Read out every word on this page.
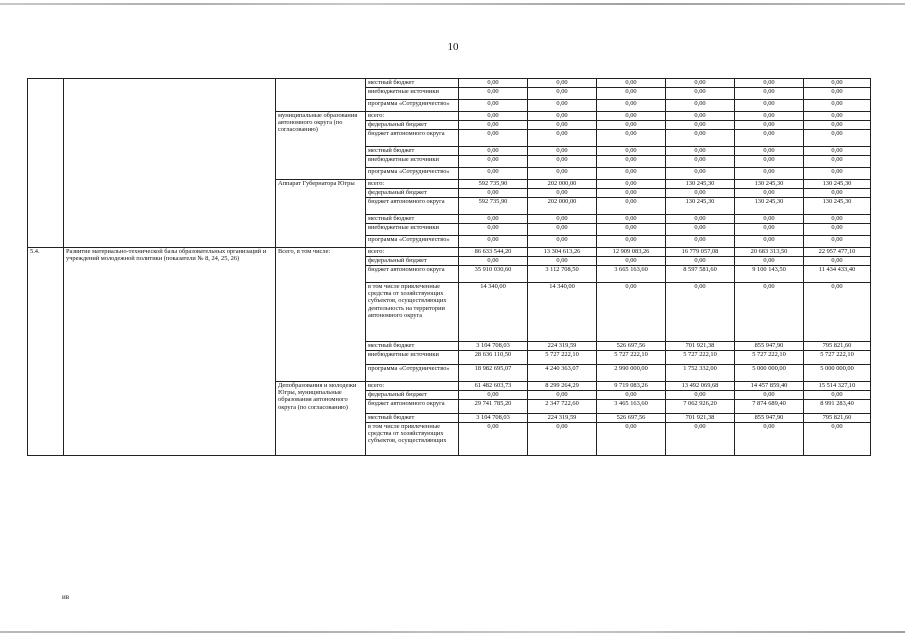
10
			местный бюджет	0,00	0,00	0,00	0,00	0,00	0,00
			внебюджетные источники	0,00	0,00	0,00	0,00	0,00	0,00
			программа «Сотрудничество»	0,00	0,00	0,00	0,00	0,00	0,00
		муниципальные образования автономного округа (по согласованию)	всего:	0,00	0,00	0,00	0,00	0,00	0,00
			федеральный бюджет	0,00	0,00	0,00	0,00	0,00	0,00
			бюджет автономного округа	0,00	0,00	0,00	0,00	0,00	0,00
			местный бюджет	0,00	0,00	0,00	0,00	0,00	0,00
			внебюджетные источники	0,00	0,00	0,00	0,00	0,00	0,00
			программа «Сотрудничество»	0,00	0,00	0,00	0,00	0,00	0,00
		Аппарат Губернатора Югры	всего:	592 735,90	202 000,00	0,00	130 245,30	130 245,30	130 245,30
			федеральный бюджет	0,00	0,00	0,00	0,00	0,00	0,00
			бюджет автономного округа	592 735,90	202 000,00	0,00	130 245,30	130 245,30	130 245,30
			местный бюджет	0,00	0,00	0,00	0,00	0,00	0,00
			внебюджетные источники	0,00	0,00	0,00	0,00	0,00	0,00
			программа «Сотрудничество»	0,00	0,00	0,00	0,00	0,00	0,00
5.4.	Развитие материально-технической базы образовательных организаций и учреждений молодежной политики (показатели № 8, 24, 25, 26)	Всего, в том числе:	всего:	86 633 544,20	13 304 613,26	12 909 083,26	16 779 057,08	20 683 313,50	22 957 477,10
			федеральный бюджет	0,00	0,00	0,00	0,00	0,00	0,00
			бюджет автономного округа	35 910 030,60	3 112 708,50	3 665 163,60	8 597 581,60	9 100 143,50	11 434 433,40
			в том числе привлеченные средства от хозяйствующих субъектов, осуществляющих деятельность на территории автономного округа	14 340,00	14 340,00	0,00	0,00	0,00	0,00
			местный бюджет	3 104 708,03	224 319,59	526 697,56	701 921,38	855 947,90	795 821,60
			внебюджетные источники	28 636 110,50	5 727 222,10	5 727 222,10	5 727 222,10	5 727 222,10	5 727 222,10
			программа «Сотрудничество»	18 982 695,07	4 240 363,07	2 990 000,00	1 752 332,00	5 000 000,00	5 000 000,00
		Депобразования и молодежи Югры, муниципальные образования автономного округа (по согласованию)	всего:	61 482 603,73	8 299 264,29	9 719 083,26	13 492 069,68	14 457 859,40	15 514 327,10
			федеральный бюджет	0,00	0,00	0,00	0,00	0,00	0,00
			бюджет автономного округа	29 741 785,20	2 347 722,60	3 465 163,60	7 062 926,20	7 874 689,40	8 991 283,40
			местный бюджет	3 104 708,03	224 319,59	526 697,56	701 921,38	855 947,90	795 821,60
			в том числе привлеченные средства от хозяйствующих субъектов, осуществляющих	0,00	0,00	0,00	0,00	0,00	0,00
ив
